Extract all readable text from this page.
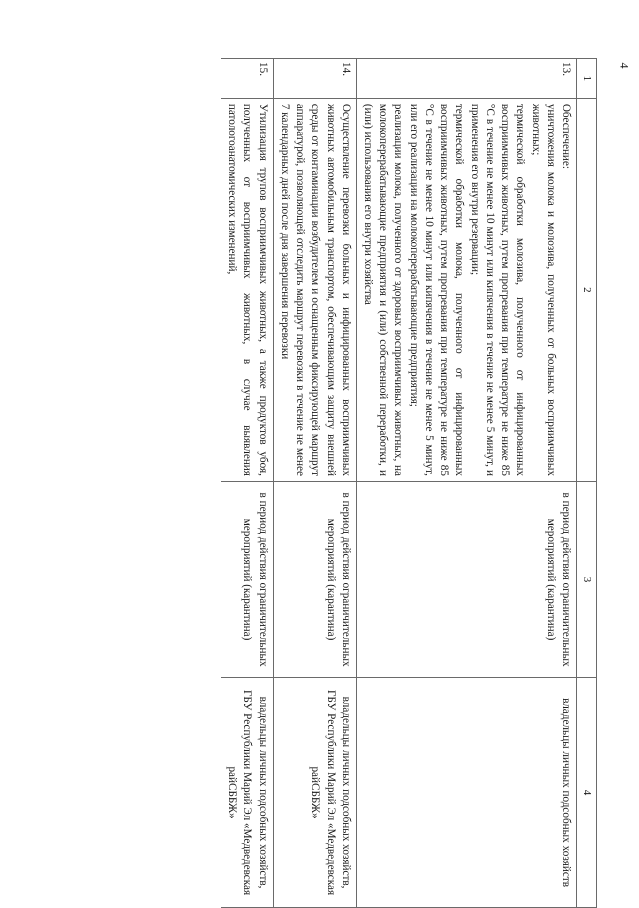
4
1	2	3	4
13.	Обеспечение:
уничтожения молока и молозива, полученных от больных восприимчивых животных;
термической обработки молозива, полученного от инфицированных восприимчивых животных, путем прогревания при температуре не ниже 85 °С в течение не менее 10 минут или кипячения в течение не менее 5 минут, и применения его внутри резервации;
термической обработки молока, полученного от инфицированных восприимчивых животных, путем прогревания при температуре не ниже 85 °С в течение не менее 10 минут или кипячения в течение не менее 5 минут, или его реализации на молокоперерабатывающие предприятия;
реализации молока, полученного от здоровых восприимчивых животных, на молокоперерабатывающие предприятия и (или) собственной переработки, и (или) использования его внутри хозяйства	в период действия ограничительных мероприятий (карантина)	владельцы личных подсобных хозяйств

14.	Осуществление перевозки больных и инфицированных восприимчивых животных автомобильным транспортом, обеспечивающим защиту внешней среды от контаминации возбудителем и оснащенным фиксирующей маршрут аппаратурой, позволяющей отследить маршрут перевозки в течение не менее 7 календарных дней после дня завершения перевозки	в период действия ограничительных мероприятий (карантина)	владельцы личных подсобных хозяйств,
ГБУ Республики Марий Эл «Медведевская райСББЖ»

15.	Утилизация трупов восприимчивых животных, а также продуктов убоя, полученных от восприимчивых животных, в случае выявления патологоанатомических изменений,	в период действия ограничительных мероприятий (карантина)	владельцы личных подсобных хозяйств,
ГБУ Республики Марий Эл «Медведевская райСББЖ»
